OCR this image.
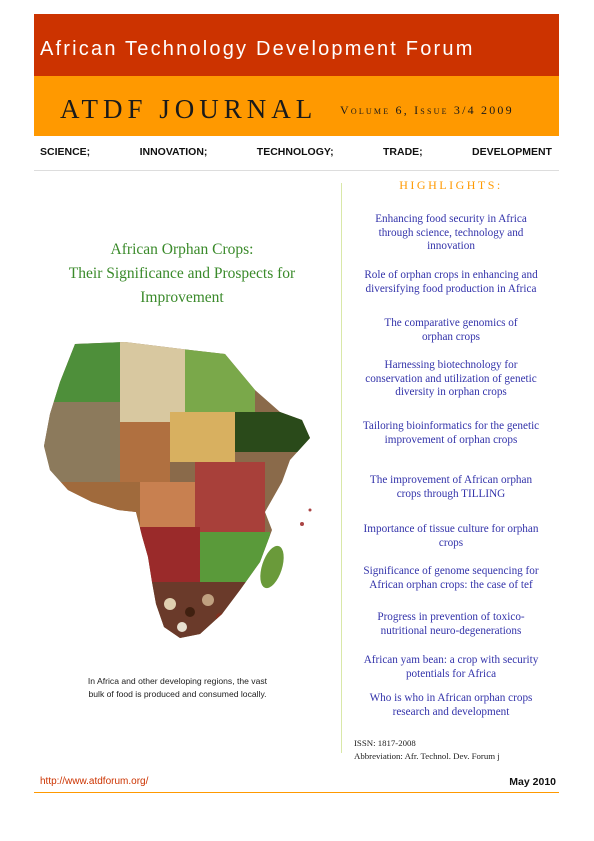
African Technology Development Forum
ATDF JOURNAL Volume 6, Issue 3/4 2009
SCIENCE;	INNOVATION;	TECHNOLOGY;	TRADE;	DEVELOPMENT
African Orphan Crops:
Their Significance and Prospects for
Improvement
In Africa and other developing regions, the vast
bulk of food is produced and consumed locally.
HIGHLIGHTS:
Enhancing food security in Africa
through science, technology and
innovation
Role of orphan crops in enhancing and
diversifying food production in Africa
The comparative genomics of
orphan crops
Harnessing biotechnology for
conservation and utilization of genetic
diversity in orphan crops
Tailoring bioinformatics for the genetic
improvement of orphan crops
The improvement of African orphan
crops through TILLING
Importance of tissue culture for orphan
crops
Significance of genome sequencing for
African orphan crops: the case of tef
Progress in prevention of toxico-
nutritional neuro-degenerations
African yam bean: a crop with security
potentials for Africa
Who is who in African orphan crops
research and development
ISSN: 1817-2008
Abbreviation: Afr. Technol. Dev. Forum j
http://www.atdforum.org/	May 2010
